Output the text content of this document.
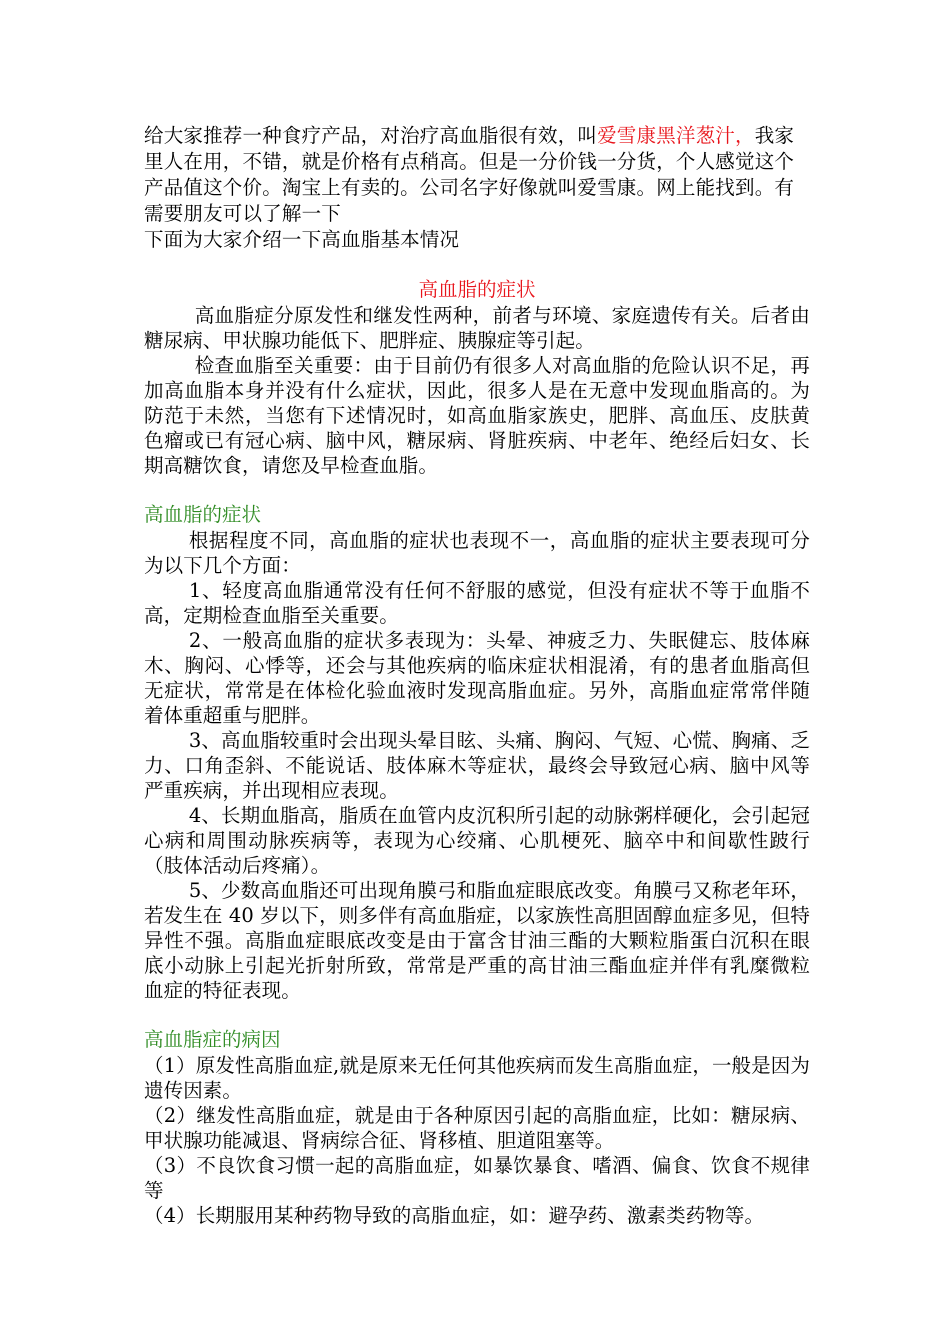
给大家推荐一种食疗产品，对治疗高血脂很有效，叫爱雪康黑洋葱汁，我家里人在用，不错，就是价格有点稍高。但是一分价钱一分货，个人感觉这个产品值这个价。淘宝上有卖的。公司名字好像就叫爱雪康。网上能找到。有需要朋友可以了解一下

下面为大家介绍一下高血脂基本情况

高血脂的症状

高血脂症分原发性和继发性两种，前者与环境、家庭遗传有关。后者由糖尿病、甲状腺功能低下、肥胖症、胰腺症等引起。

检查血脂至关重要：由于目前仍有很多人对高血脂的危险认识不足，再加高血脂本身并没有什么症状，因此，很多人是在无意中发现血脂高的。为防范于未然，当您有下述情况时，如高血脂家族史，肥胖、高血压、皮肤黄色瘤或已有冠心病、脑中风，糖尿病、肾脏疾病、中老年、绝经后妇女、长期高糖饮食，请您及早检查血脂。

高血脂的症状

根据程度不同，高血脂的症状也表现不一，高血脂的症状主要表现可分为以下几个方面：

1、轻度高血脂通常没有任何不舒服的感觉，但没有症状不等于血脂不高，定期检查血脂至关重要。

2、一般高血脂的症状多表现为：头晕、神疲乏力、失眠健忘、肢体麻木、胸闷、心悸等，还会与其他疾病的临床症状相混淆，有的患者血脂高但无症状，常常是在体检化验血液时发现高脂血症。另外，高脂血症常常伴随着体重超重与肥胖。

3、高血脂较重时会出现头晕目眩、头痛、胸闷、气短、心慌、胸痛、乏力、口角歪斜、不能说话、肢体麻木等症状，最终会导致冠心病、脑中风等严重疾病，并出现相应表现。

4、长期血脂高，脂质在血管内皮沉积所引起的动脉粥样硬化，会引起冠心病和周围动脉疾病等，表现为心绞痛、心肌梗死、脑卒中和间歇性跛行（肢体活动后疼痛）。

5、少数高血脂还可出现角膜弓和脂血症眼底改变。角膜弓又称老年环，若发生在 40 岁以下，则多伴有高血脂症，以家族性高胆固醇血症多见，但特异性不强。高脂血症眼底改变是由于富含甘油三酯的大颗粒脂蛋白沉积在眼底小动脉上引起光折射所致，常常是严重的高甘油三酯血症并伴有乳糜微粒血症的特征表现。

高血脂症的病因

（1）原发性高脂血症,就是原来无任何其他疾病而发生高脂血症，一般是因为遗传因素。

（2）继发性高脂血症，就是由于各种原因引起的高脂血症，比如：糖尿病、甲状腺功能减退、肾病综合征、肾移植、胆道阻塞等。

（3）不良饮食习惯一起的高脂血症，如暴饮暴食、嗜酒、偏食、饮食不规律等

（4）长期服用某种药物导致的高脂血症，如：避孕药、激素类药物等。
